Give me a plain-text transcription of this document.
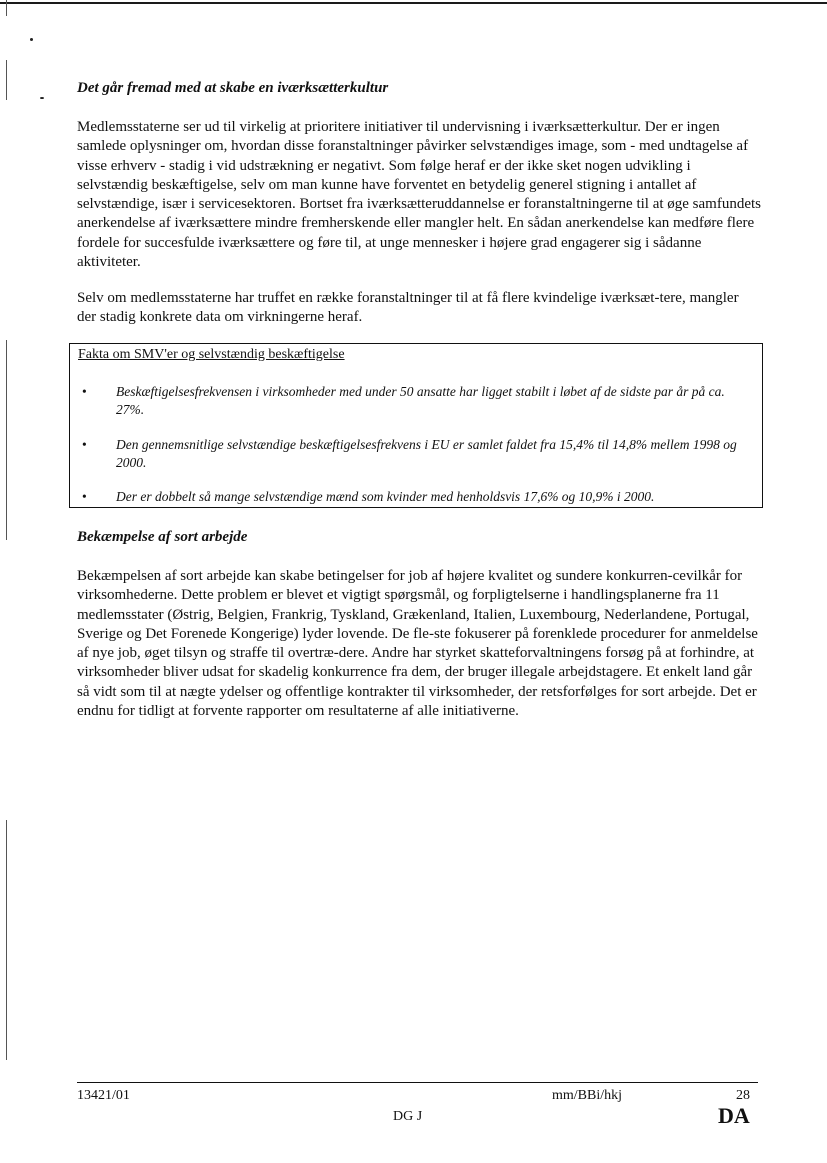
Det går fremad med at skabe en iværksætterkultur

Medlemsstaterne ser ud til virkelig at prioritere initiativer til undervisning i iværksætterkultur. Der er ingen samlede oplysninger om, hvordan disse foranstaltninger påvirker selvstændiges image, som - med undtagelse af visse erhverv - stadig i vid udstrækning er negativt. Som følge heraf er der ikke sket nogen udvikling i selvstændig beskæftigelse, selv om man kunne have forventet en betydelig generel stigning i antallet af selvstændige, især i servicesektoren. Bortset fra iværksætteruddannelse er foranstaltningerne til at øge samfundets anerkendelse af iværksættere mindre fremherskende eller mangler helt. En sådan anerkendelse kan medføre flere fordele for succesfulde iværksættere og føre til, at unge mennesker i højere grad engagerer sig i sådanne aktiviteter.

Selv om medlemsstaterne har truffet en række foranstaltninger til at få flere kvindelige iværksæt-tere, mangler der stadig konkrete data om virkningerne heraf.

Fakta om SMV'er og selvstændig beskæftigelse

• Beskæftigelsesfrekvensen i virksomheder med under 50 ansatte har ligget stabilt i løbet af de sidste par år på ca. 27%.
• Den gennemsnitlige selvstændige beskæftigelsesfrekvens i EU er samlet faldet fra 15,4% til 14,8% mellem 1998 og 2000.
• Der er dobbelt så mange selvstændige mænd som kvinder med henholdsvis 17,6% og 10,9% i 2000.
Bekæmpelse af sort arbejde

Bekæmpelsen af sort arbejde kan skabe betingelser for job af højere kvalitet og sundere konkurren-cevilkår for virksomhederne. Dette problem er blevet et vigtigt spørgsmål, og forpligtelserne i handlingsplanerne fra 11 medlemsstater (Østrig, Belgien, Frankrig, Tyskland, Grækenland, Italien, Luxembourg, Nederlandene, Portugal, Sverige og Det Forenede Kongerige) lyder lovende. De fle-ste fokuserer på forenklede procedurer for anmeldelse af nye job, øget tilsyn og straffe til overtræ-dere. Andre har styrket skatteforvaltningens forsøg på at forhindre, at virksomheder bliver udsat for skadelig konkurrence fra dem, der bruger illegale arbejdstagere. Et enkelt land går så vidt som til at nægte ydelser og offentlige kontrakter til virksomheder, der retsforfølges for sort arbejde. Det er endnu for tidligt at forvente rapporter om resultaterne af alle initiativerne.

13421/01	mm/BBi/hkj	28

DG J	DA
